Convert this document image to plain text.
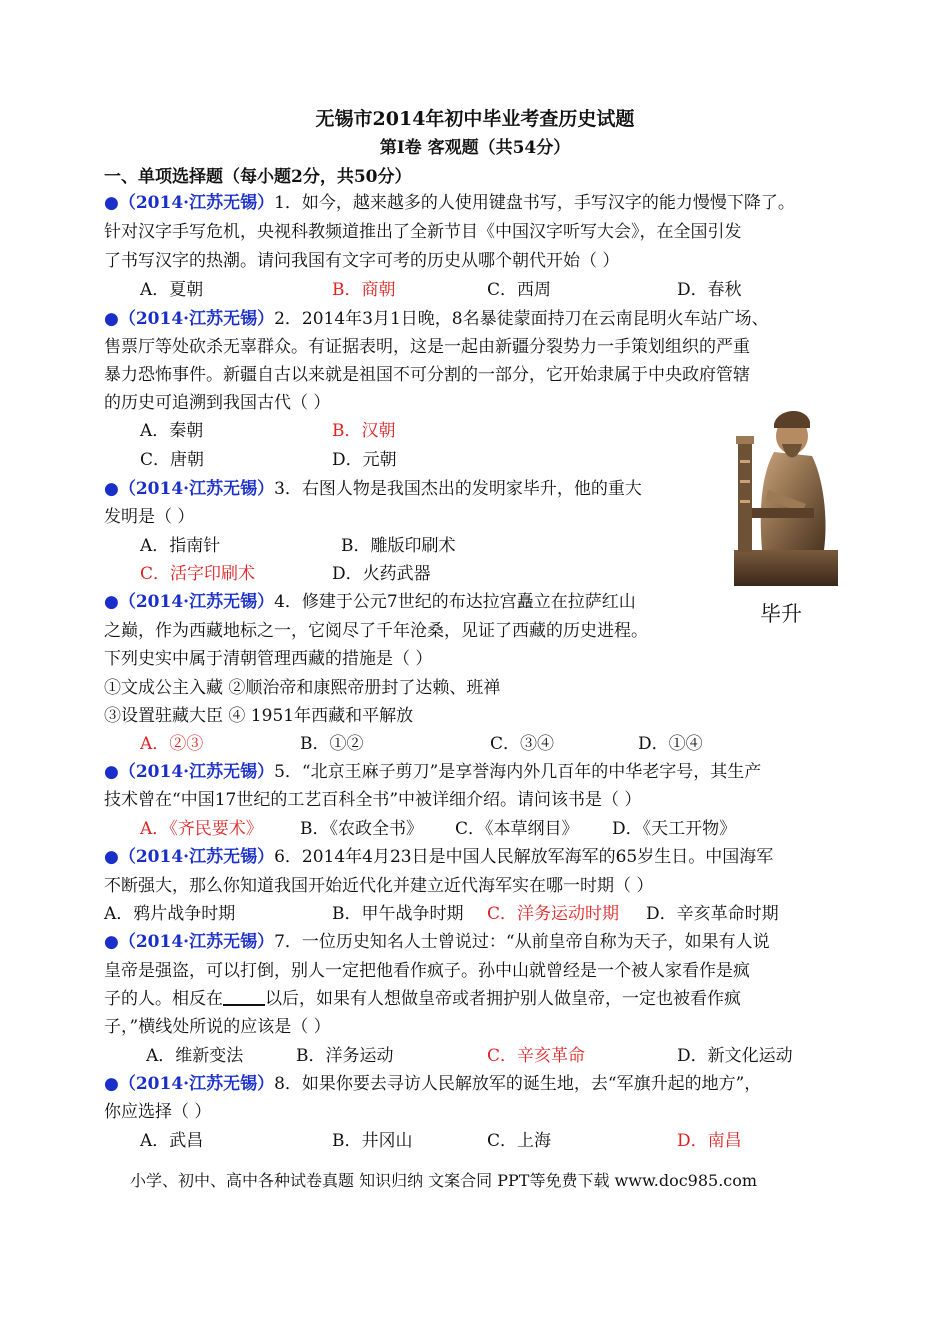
无锡市2014年初中毕业考查历史试题
第Ⅰ卷 客观题（共54分）
一、单项选择题（每小题2分，共50分）
●（2014·江苏无锡）1．如今，越来越多的人使用键盘书写，手写汉字的能力慢慢下降了。
针对汉字手写危机，央视科教频道推出了全新节目《中国汉字听写大会》，在全国引发
了书写汉字的热潮。请问我国有文字可考的历史从哪个朝代开始（ ）
A．夏朝	B．商朝	C．西周	D．春秋
●（2014·江苏无锡）2．2014年3月1日晚，8名暴徒蒙面持刀在云南昆明火车站广场、
售票厅等处砍杀无辜群众。有证据表明，这是一起由新疆分裂势力一手策划组织的严重
暴力恐怖事件。新疆自古以来就是祖国不可分割的一部分，它开始隶属于中央政府管辖
的历史可追溯到我国古代（ ）
A．秦朝	B．汉朝
C．唐朝	D．元朝
●（2014·江苏无锡）3．右图人物是我国杰出的发明家毕升，他的重大
发明是（ ）
A．指南针	B．雕版印刷术
C．活字印刷术	D．火药武器
毕升
●（2014·江苏无锡）4．修建于公元7世纪的布达拉宫矗立在拉萨红山
之巅，作为西藏地标之一，它阅尽了千年沧桑，见证了西藏的历史进程。
下列史实中属于清朝管理西藏的措施是（ ）
①文成公主入藏 ②顺治帝和康熙帝册封了达赖、班禅
③设置驻藏大臣 ④ 1951年西藏和平解放
A．②③	B．①②	C．③④	D．①④
●（2014·江苏无锡）5．“北京王麻子剪刀”是享誉海内外几百年的中华老字号，其生产
技术曾在“中国17世纪的工艺百科全书”中被详细介绍。请问该书是（ ）
A．《齐民要术》 B．《农政全书》 C．《本草纲目》 D．《天工开物》
●（2014·江苏无锡）6．2014年4月23日是中国人民解放军海军的65岁生日。中国海军
不断强大，那么你知道我国开始近代化并建立近代海军实在哪一时期（ ）
A．鸦片战争时期	B．甲午战争时期 C．洋务运动时期 D．辛亥革命时期
●（2014·江苏无锡）7．一位历史知名人士曾说过：“从前皇帝自称为天子，如果有人说
皇帝是强盗，可以打倒，别人一定把他看作疯子。孙中山就曾经是一个被人家看作是疯
子的人。相反在 以后，如果有人想做皇帝或者拥护别人做皇帝，一定也被看作疯
子，”横线处所说的应该是（ ）
A．维新变法	B．洋务运动	C．辛亥革命	D．新文化运动
●（2014·江苏无锡）8．如果你要去寻访人民解放军的诞生地，去“军旗升起的地方”，
你应选择（ ）
A．武昌	B．井冈山	C．上海	D．南昌
小学、初中、高中各种试卷真题 知识归纳 文案合同 PPT等免费下载 www.doc985.com
